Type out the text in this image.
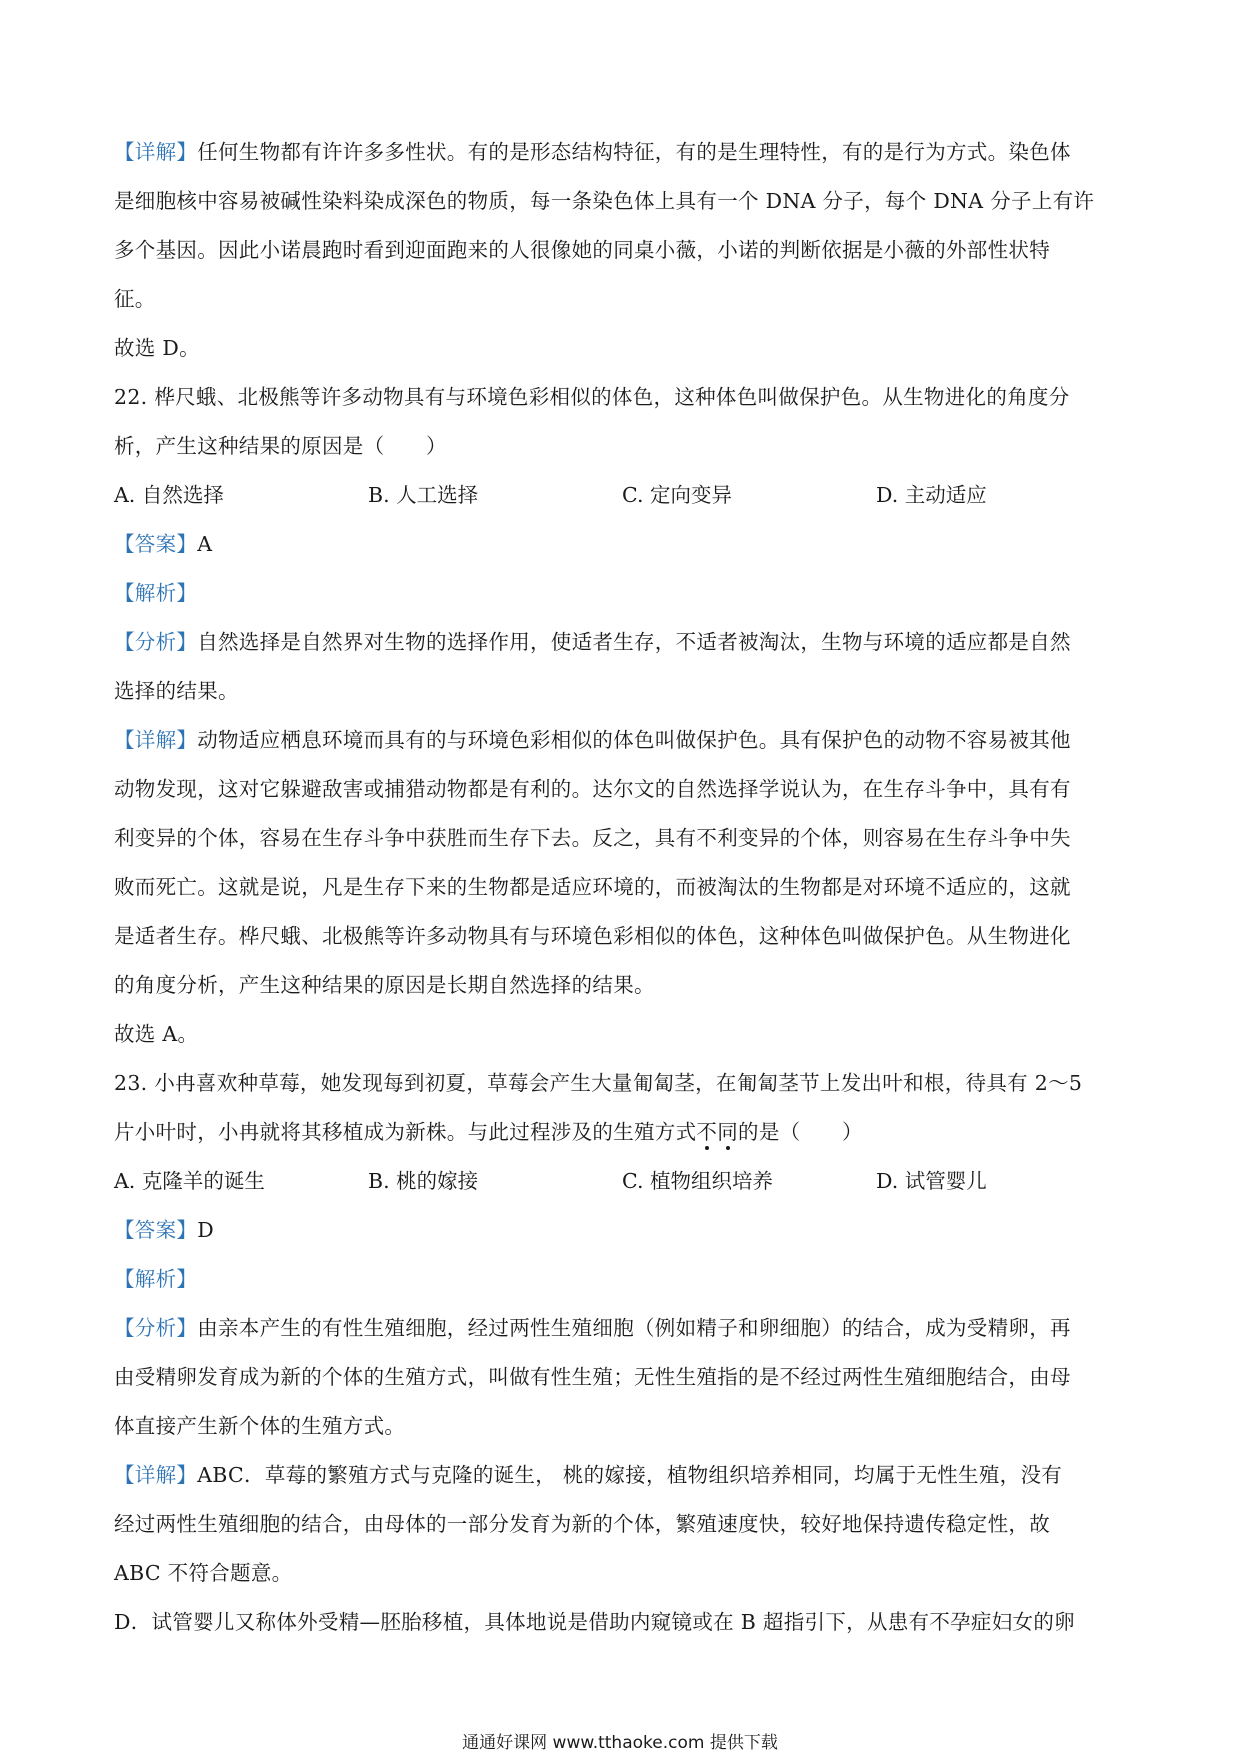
【详解】任何生物都有许许多多性状。有的是形态结构特征，有的是生理特性，有的是行为方式。染色体

是细胞核中容易被碱性染料染成深色的物质，每一条染色体上具有一个 DNA 分子，每个 DNA 分子上有许

多个基因。因此小诺晨跑时看到迎面跑来的人很像她的同桌小薇，小诺的判断依据是小薇的外部性状特

征。

故选 D。

22. 桦尺蛾、北极熊等许多动物具有与环境色彩相似的体色，这种体色叫做保护色。从生物进化的角度分

析，产生这种结果的原因是（　　）

A. 自然选择	B. 人工选择	C. 定向变异	D. 主动适应

【答案】A

【解析】

【分析】自然选择是自然界对生物的选择作用，使适者生存，不适者被淘汰，生物与环境的适应都是自然

选择的结果。

【详解】动物适应栖息环境而具有的与环境色彩相似的体色叫做保护色。具有保护色的动物不容易被其他

动物发现，这对它躲避敌害或捕猎动物都是有利的。达尔文的自然选择学说认为，在生存斗争中，具有有

利变异的个体，容易在生存斗争中获胜而生存下去。反之，具有不利变异的个体，则容易在生存斗争中失

败而死亡。这就是说，凡是生存下来的生物都是适应环境的，而被淘汰的生物都是对环境不适应的，这就

是适者生存。桦尺蛾、北极熊等许多动物具有与环境色彩相似的体色，这种体色叫做保护色。从生物进化

的角度分析，产生这种结果的原因是长期自然选择的结果。

故选 A。

23. 小冉喜欢种草莓，她发现每到初夏，草莓会产生大量匍匐茎，在匍匐茎节上发出叶和根，待具有 2～5

片小叶时，小冉就将其移植成为新株。与此过程涉及的生殖方式不同的是（　　）

A. 克隆羊的诞生	B. 桃的嫁接	C. 植物组织培养	D. 试管婴儿

【答案】D

【解析】

【分析】由亲本产生的有性生殖细胞，经过两性生殖细胞（例如精子和卵细胞）的结合，成为受精卵，再

由受精卵发育成为新的个体的生殖方式，叫做有性生殖；无性生殖指的是不经过两性生殖细胞结合，由母

体直接产生新个体的生殖方式。

【详解】ABC．草莓的繁殖方式与克隆的诞生， 桃的嫁接，植物组织培养相同，均属于无性生殖，没有

经过两性生殖细胞的结合，由母体的一部分发育为新的个体，繁殖速度快，较好地保持遗传稳定性，故

ABC 不符合题意。

D．试管婴儿又称体外受精—胚胎移植，具体地说是借助内窥镜或在 B 超指引下，从患有不孕症妇女的卵

通通好课网 www.tthaoke.com 提供下载
